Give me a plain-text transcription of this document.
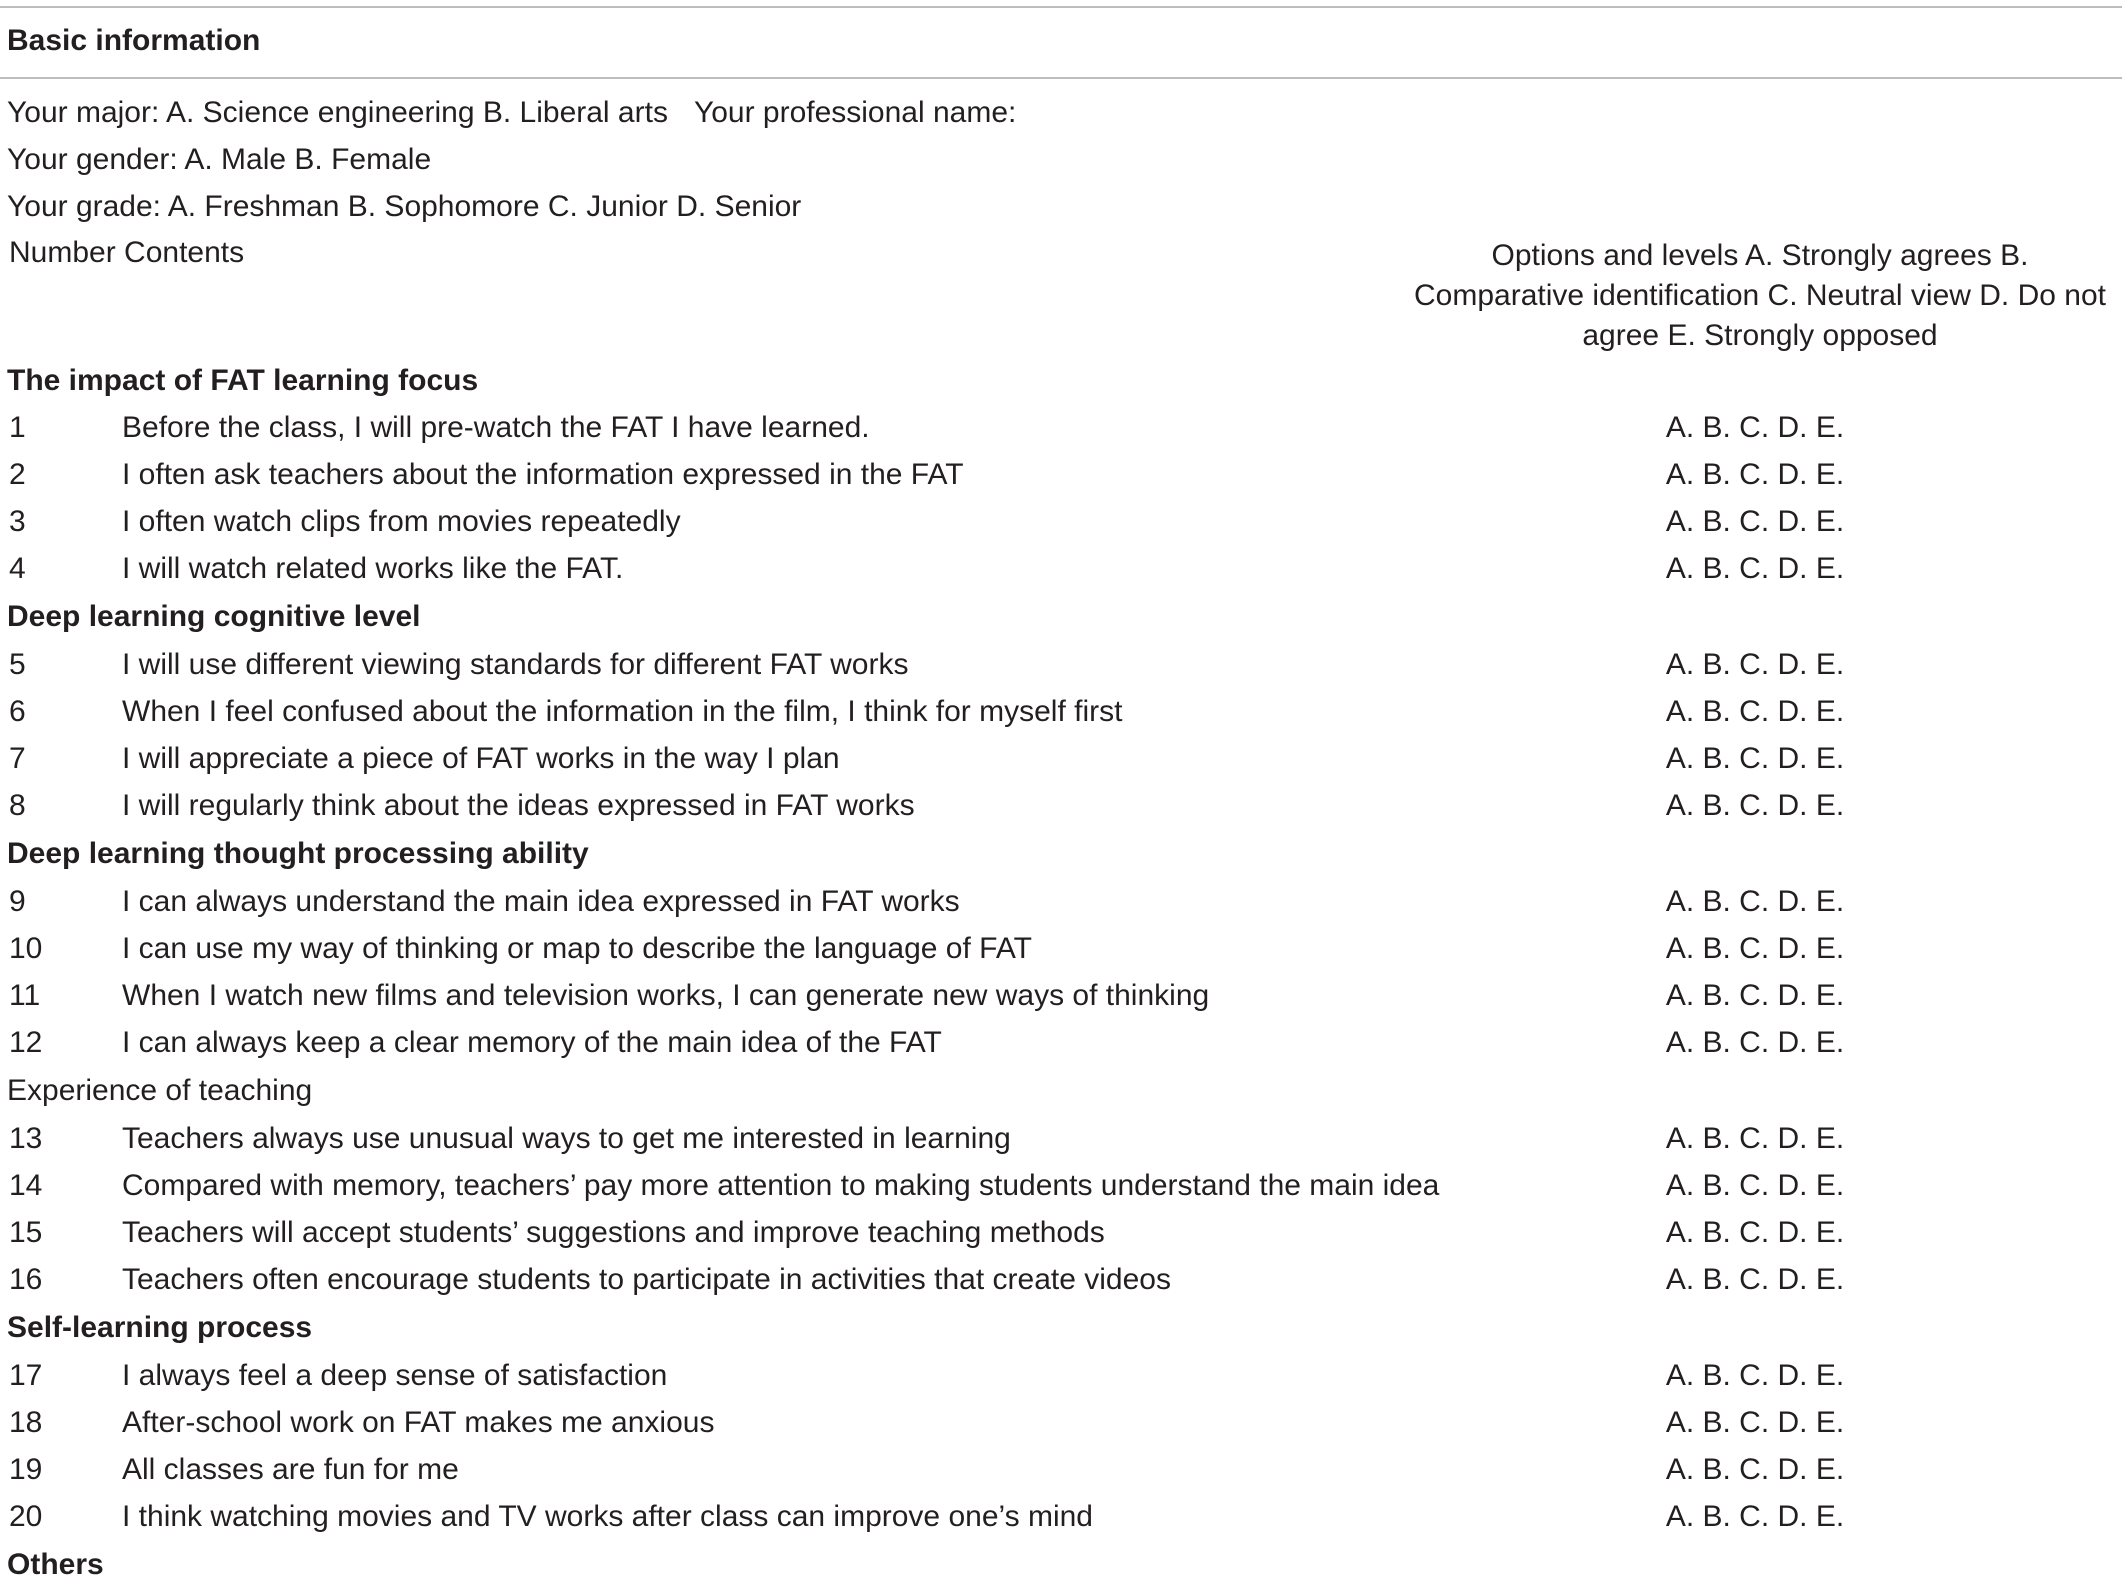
Basic information
Your major: A. Science engineering B. Liberal arts Your professional name:
Your gender: A. Male B. Female
Your grade: A. Freshman B. Sophomore C. Junior D. Senior
Number Contents	Options and levels A. Strongly agrees B. Comparative identification C. Neutral view D. Do not agree E. Strongly opposed
The impact of FAT learning focus
1	Before the class, I will pre-watch the FAT I have learned.	A. B. C. D. E.
2	I often ask teachers about the information expressed in the FAT	A. B. C. D. E.
3	I often watch clips from movies repeatedly	A. B. C. D. E.
4	I will watch related works like the FAT.	A. B. C. D. E.
Deep learning cognitive level
5	I will use different viewing standards for different FAT works	A. B. C. D. E.
6	When I feel confused about the information in the film, I think for myself first	A. B. C. D. E.
7	I will appreciate a piece of FAT works in the way I plan	A. B. C. D. E.
8	I will regularly think about the ideas expressed in FAT works	A. B. C. D. E.
Deep learning thought processing ability
9	I can always understand the main idea expressed in FAT works	A. B. C. D. E.
10	I can use my way of thinking or map to describe the language of FAT	A. B. C. D. E.
11	When I watch new films and television works, I can generate new ways of thinking	A. B. C. D. E.
12	I can always keep a clear memory of the main idea of the FAT	A. B. C. D. E.
Experience of teaching
13	Teachers always use unusual ways to get me interested in learning	A. B. C. D. E.
14	Compared with memory, teachers’ pay more attention to making students understand the main idea	A. B. C. D. E.
15	Teachers will accept students’ suggestions and improve teaching methods	A. B. C. D. E.
16	Teachers often encourage students to participate in activities that create videos	A. B. C. D. E.
Self-learning process
17	I always feel a deep sense of satisfaction	A. B. C. D. E.
18	After-school work on FAT makes me anxious	A. B. C. D. E.
19	All classes are fun for me	A. B. C. D. E.
20	I think watching movies and TV works after class can improve one’s mind	A. B. C. D. E.
Others
